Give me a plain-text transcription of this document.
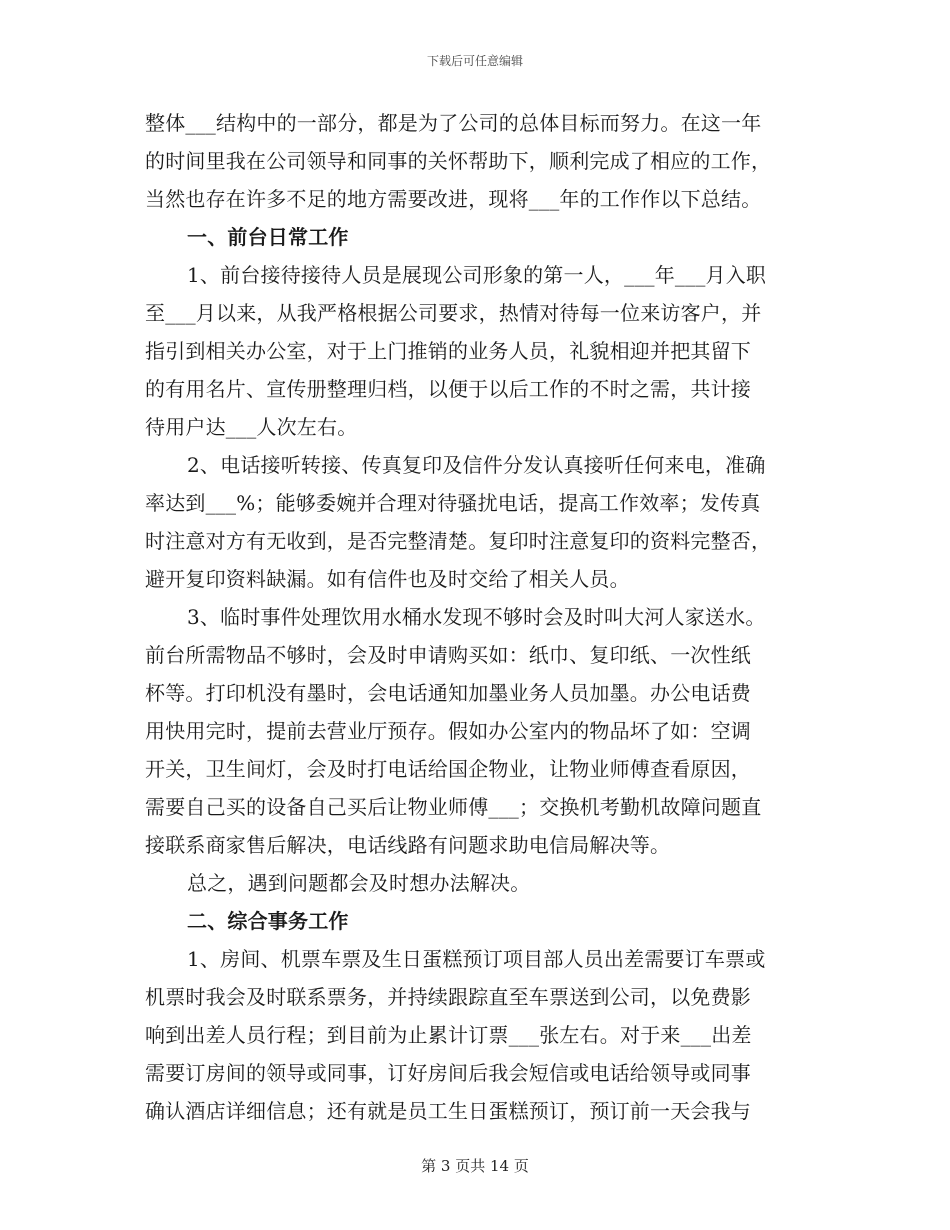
下载后可任意编辑
整体___结构中的一部分，都是为了公司的总体目标而努力。在这一年
的时间里我在公司领导和同事的关怀帮助下，顺利完成了相应的工作，
当然也存在许多不足的地方需要改进，现将___年的工作作以下总结。
一、前台日常工作
1、前台接待接待人员是展现公司形象的第一人，___年___月入职
至___月以来，从我严格根据公司要求，热情对待每一位来访客户，并
指引到相关办公室，对于上门推销的业务人员，礼貌相迎并把其留下
的有用名片、宣传册整理归档，以便于以后工作的不时之需，共计接
待用户达___人次左右。
2、电话接听转接、传真复印及信件分发认真接听任何来电，准确
率达到___%；能够委婉并合理对待骚扰电话，提高工作效率；发传真
时注意对方有无收到，是否完整清楚。复印时注意复印的资料完整否，
避开复印资料缺漏。如有信件也及时交给了相关人员。
3、临时事件处理饮用水桶水发现不够时会及时叫大河人家送水。
前台所需物品不够时，会及时申请购买如：纸巾、复印纸、一次性纸
杯等。打印机没有墨时，会电话通知加墨业务人员加墨。办公电话费
用快用完时，提前去营业厅预存。假如办公室内的物品坏了如：空调
开关，卫生间灯，会及时打电话给国企物业，让物业师傅查看原因，
需要自己买的设备自己买后让物业师傅___；交换机考勤机故障问题直
接联系商家售后解决，电话线路有问题求助电信局解决等。
总之，遇到问题都会及时想办法解决。
二、综合事务工作
1、房间、机票车票及生日蛋糕预订项目部人员出差需要订车票或
机票时我会及时联系票务，并持续跟踪直至车票送到公司，以免费影
响到出差人员行程；到目前为止累计订票___张左右。对于来___出差
需要订房间的领导或同事，订好房间后我会短信或电话给领导或同事
确认酒店详细信息；还有就是员工生日蛋糕预订，预订前一天会我与
第 3 页共 14 页
